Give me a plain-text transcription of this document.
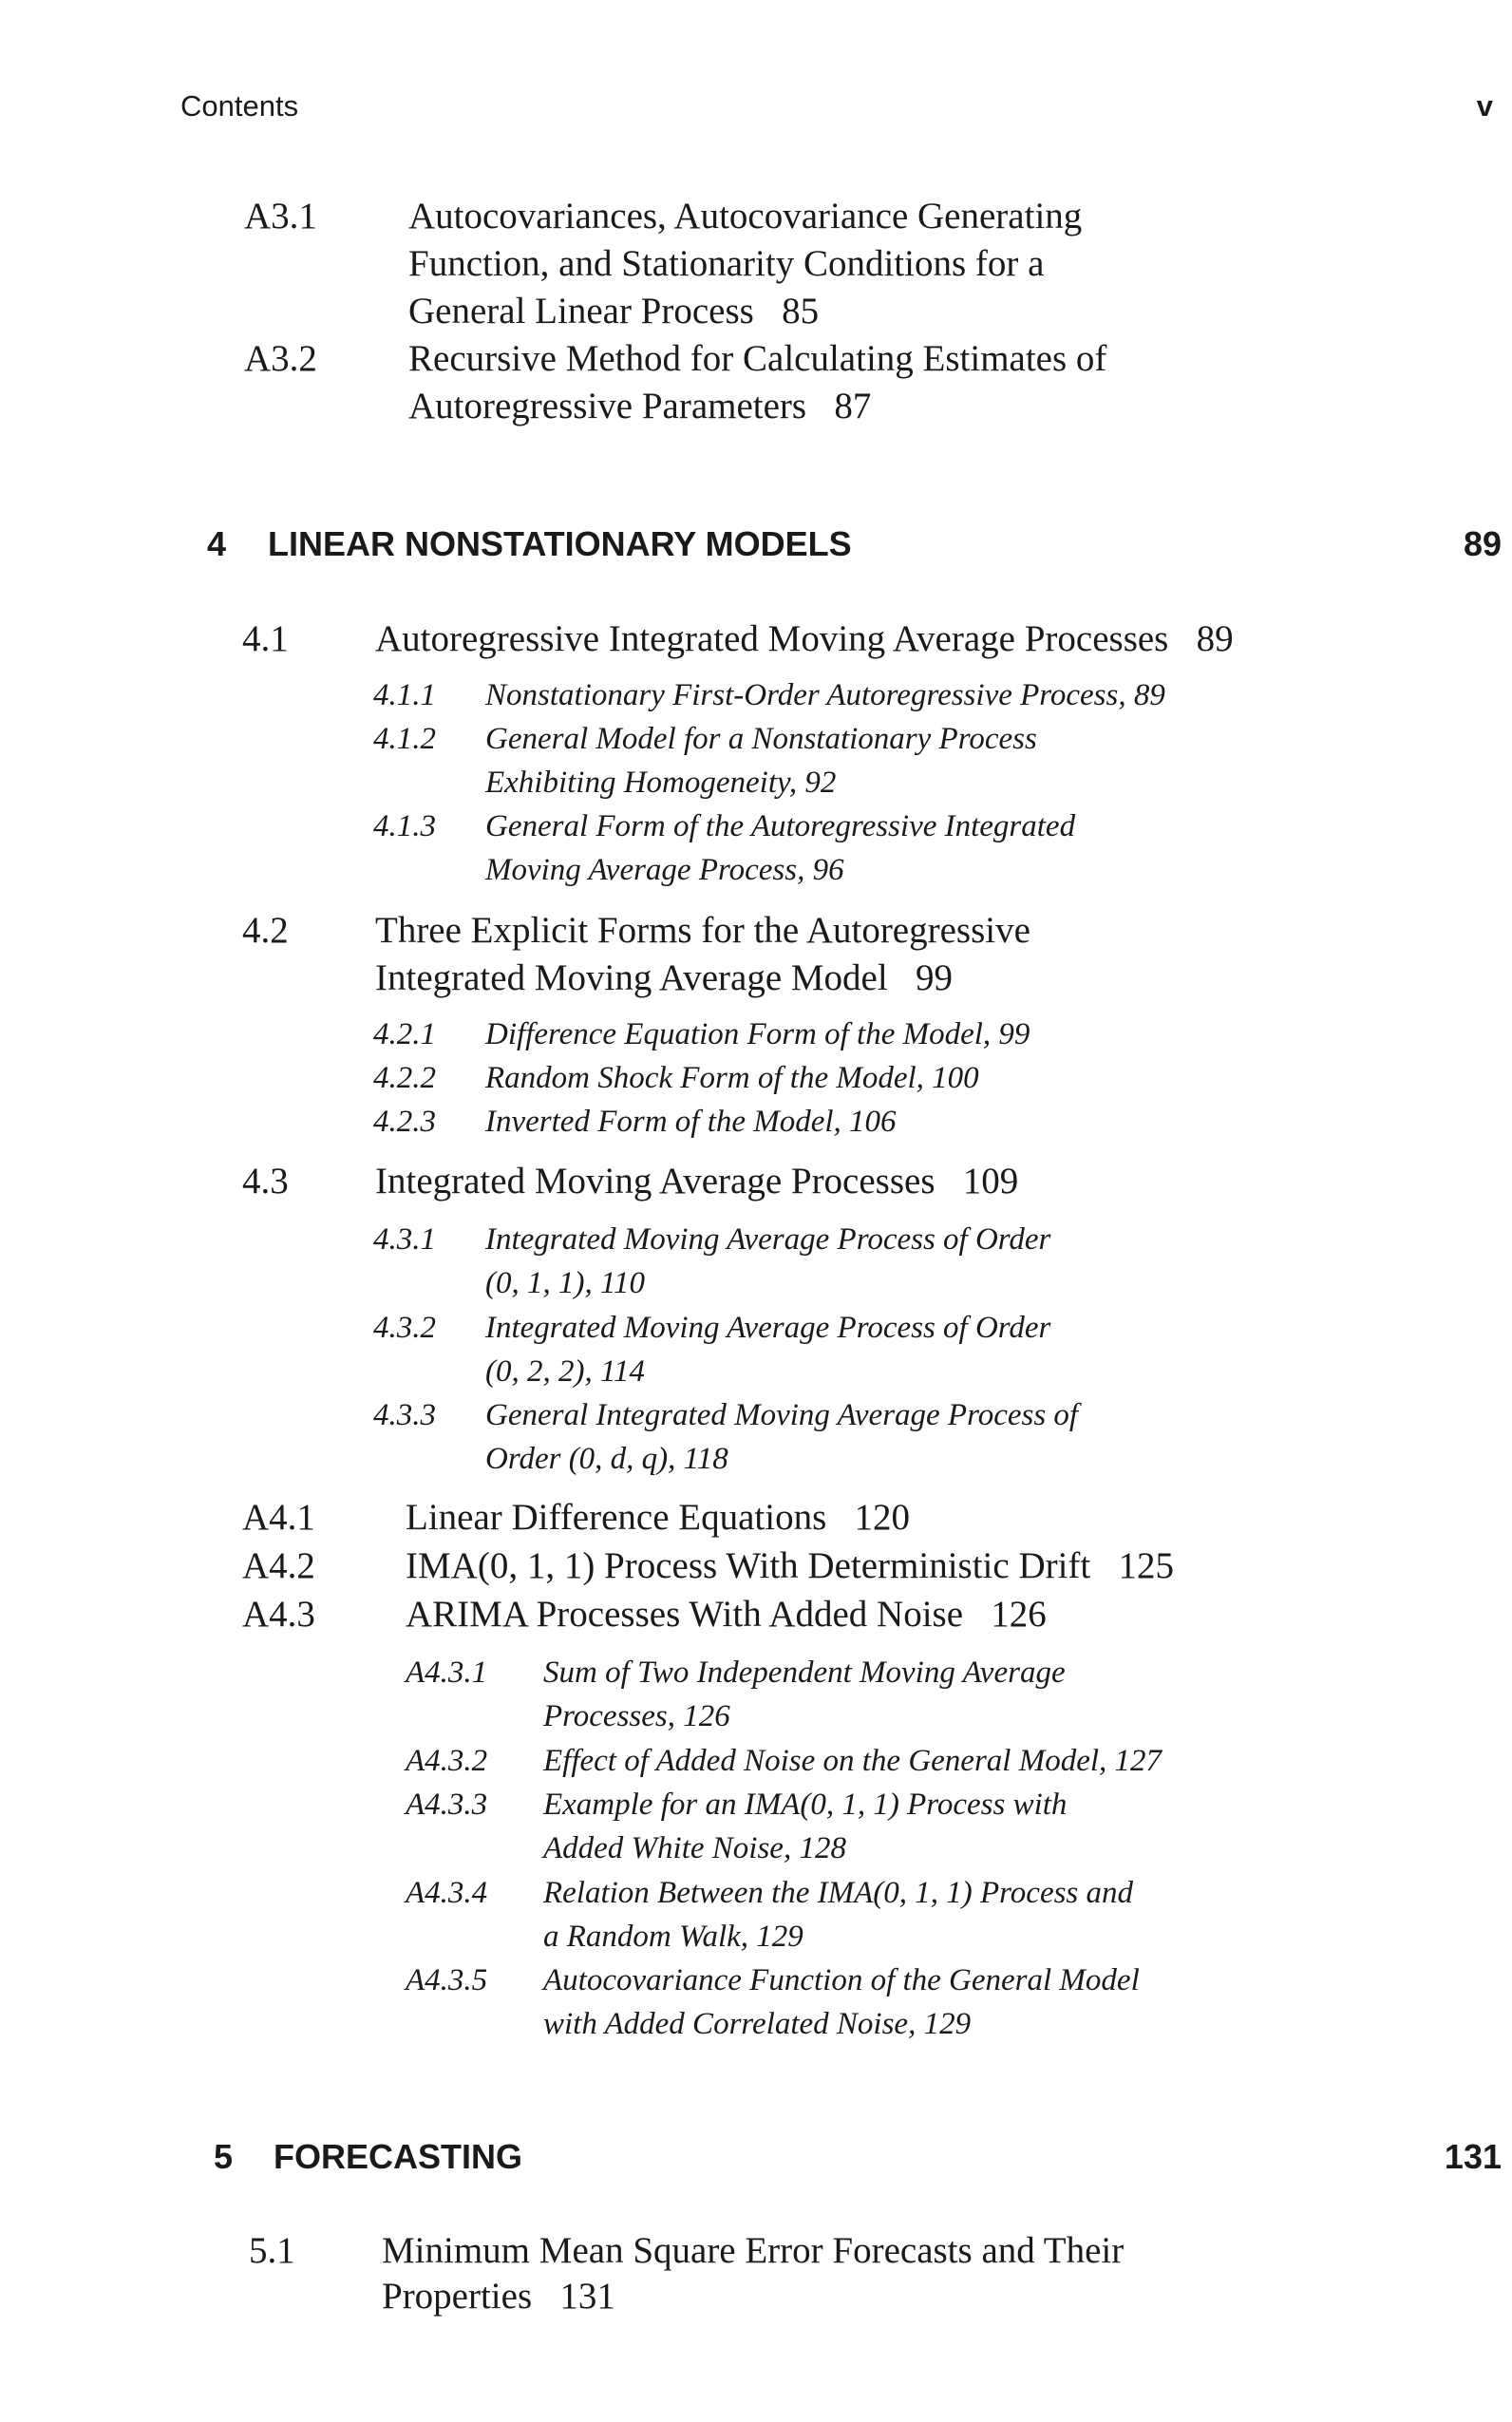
Contents	v
A3.1 Autocovariances, Autocovariance Generating
Function, and Stationarity Conditions for a
General Linear Process   85
A3.2 Recursive Method for Calculating Estimates of
Autoregressive Parameters   87
4 LINEAR NONSTATIONARY MODELS	89
4.1 Autoregressive Integrated Moving Average Processes   89
4.1.1 Nonstationary First-Order Autoregressive Process, 89
4.1.2 General Model for a Nonstationary Process
Exhibiting Homogeneity, 92
4.1.3 General Form of the Autoregressive Integrated
Moving Average Process, 96
4.2 Three Explicit Forms for the Autoregressive
Integrated Moving Average Model   99
4.2.1 Difference Equation Form of the Model, 99
4.2.2 Random Shock Form of the Model, 100
4.2.3 Inverted Form of the Model, 106
4.3 Integrated Moving Average Processes   109
4.3.1 Integrated Moving Average Process of Order
(0, 1, 1), 110
4.3.2 Integrated Moving Average Process of Order
(0, 2, 2), 114
4.3.3 General Integrated Moving Average Process of
Order (0, d, q), 118
A4.1 Linear Difference Equations   120
A4.2 IMA(0, 1, 1) Process With Deterministic Drift   125
A4.3 ARIMA Processes With Added Noise   126
A4.3.1 Sum of Two Independent Moving Average
Processes, 126
A4.3.2 Effect of Added Noise on the General Model, 127
A4.3.3 Example for an IMA(0, 1, 1) Process with
Added White Noise, 128
A4.3.4 Relation Between the IMA(0, 1, 1) Process and
a Random Walk, 129
A4.3.5 Autocovariance Function of the General Model
with Added Correlated Noise, 129
5 FORECASTING	131
5.1 Minimum Mean Square Error Forecasts and Their
Properties   131
